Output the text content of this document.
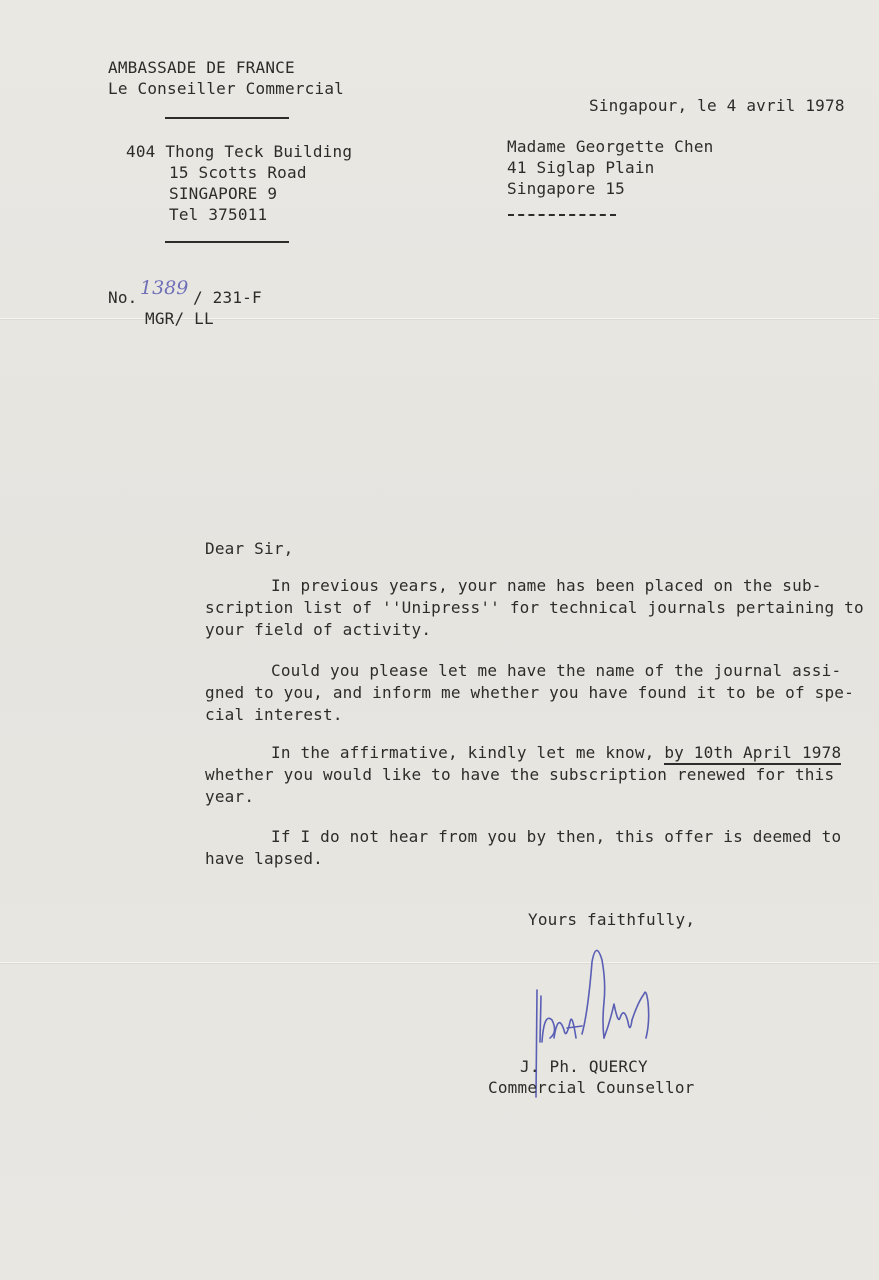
AMBASSADE DE FRANCE
Le Conseiller Commercial
404 Thong Teck Building
15 Scotts Road
SINGAPORE 9
Tel 375011
Singapour, le 4 avril 1978
Madame Georgette Chen
41 Siglap Plain
Singapore 15
No. 1389 / 231-F
MGR/ LL
Dear Sir,
In previous years, your name has been placed on the sub-
scription list of ''Unipress'' for technical journals pertaining to
your field of activity.
Could you please let me have the name of the journal assi-
gned to you, and inform me whether you have found it to be of spe-
cial interest.
In the affirmative, kindly let me know, by 10th April 1978
whether you would like to have the subscription renewed for this
year.
If I do not hear from you by then, this offer is deemed to
have lapsed.
Yours faithfully,
J. Ph. QUERCY
Commercial Counsellor
